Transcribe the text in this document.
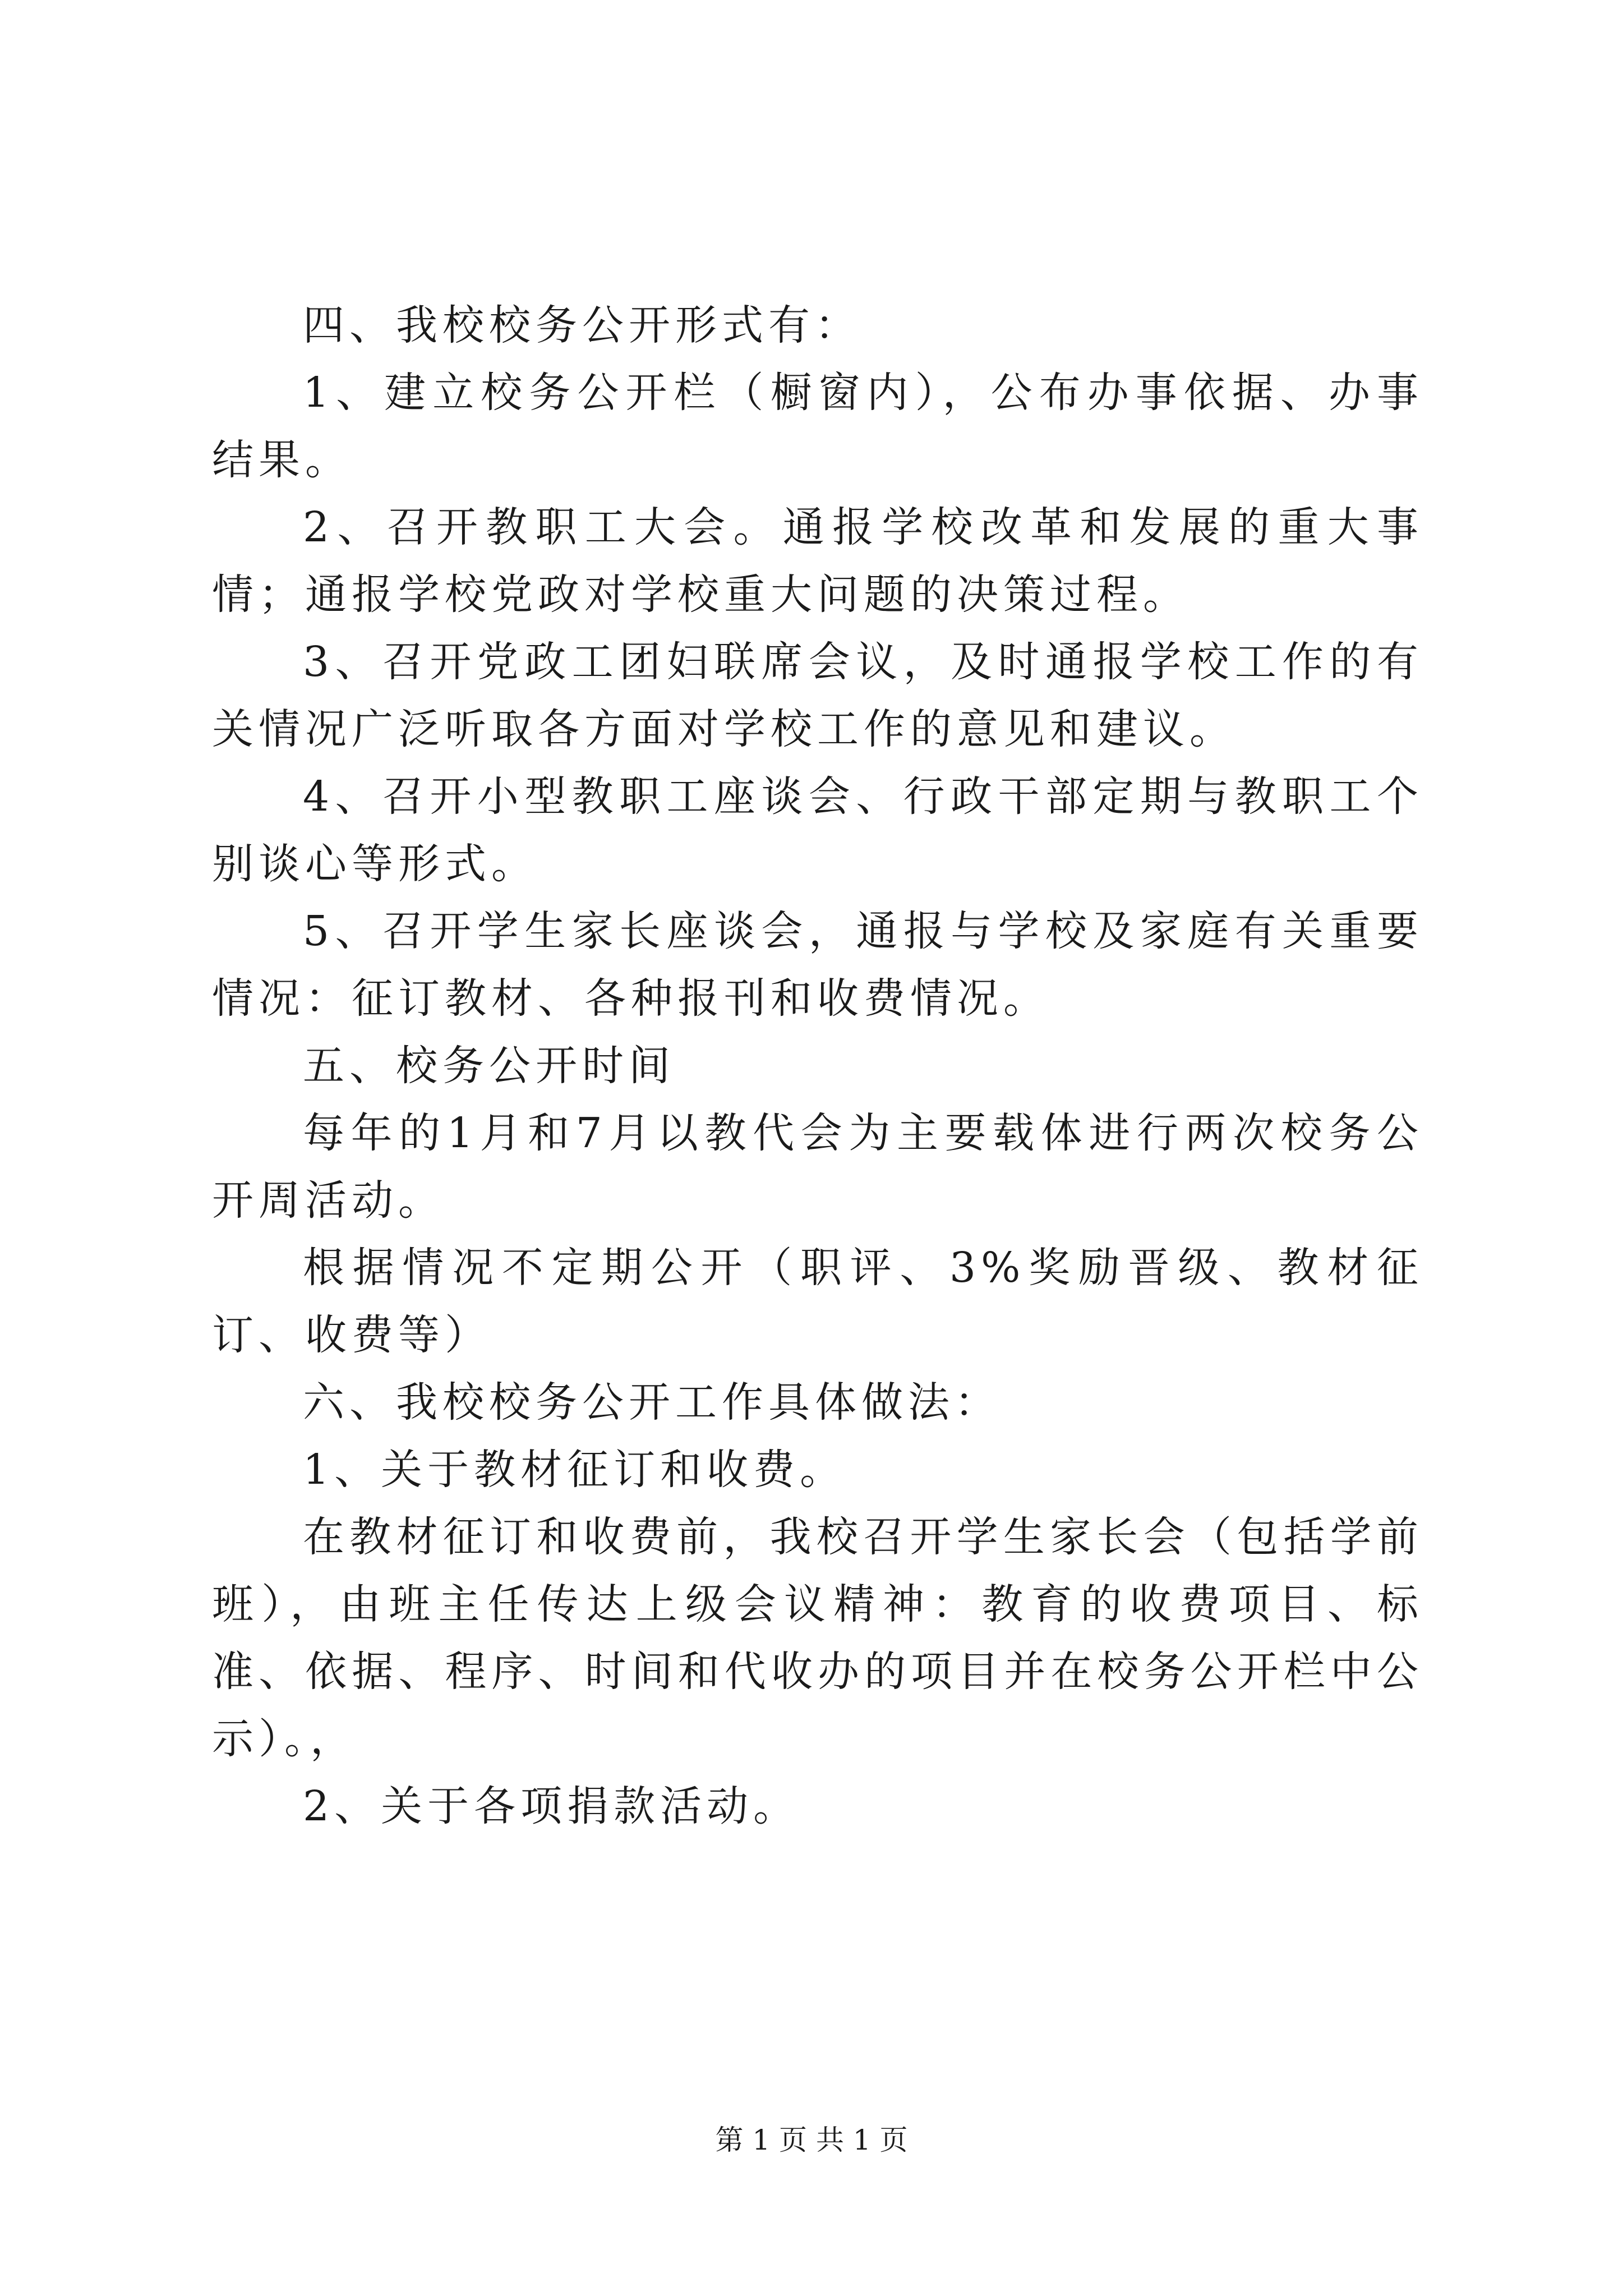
四、我校校务公开形式有：

1、建立校务公开栏（橱窗内），公布办事依据、办事结果。

2、召开教职工大会。通报学校改革和发展的重大事情；通报学校党政对学校重大问题的决策过程。

3、召开党政工团妇联席会议，及时通报学校工作的有关情况广泛听取各方面对学校工作的意见和建议。

4、召开小型教职工座谈会、行政干部定期与教职工个别谈心等形式。

5、召开学生家长座谈会，通报与学校及家庭有关重要情况：征订教材、各种报刊和收费情况。

五、校务公开时间

每年的1月和7月以教代会为主要载体进行两次校务公开周活动。

根据情况不定期公开（职评、3%奖励晋级、教材征订、收费等）

六、我校校务公开工作具体做法：

1、关于教材征订和收费。

在教材征订和收费前，我校召开学生家长会（包括学前班），由班主任传达上级会议精神：教育的收费项目、标准、依据、程序、时间和代收办的项目并在校务公开栏中公示）。，

2、关于各项捐款活动。

第 1 页 共 1 页
